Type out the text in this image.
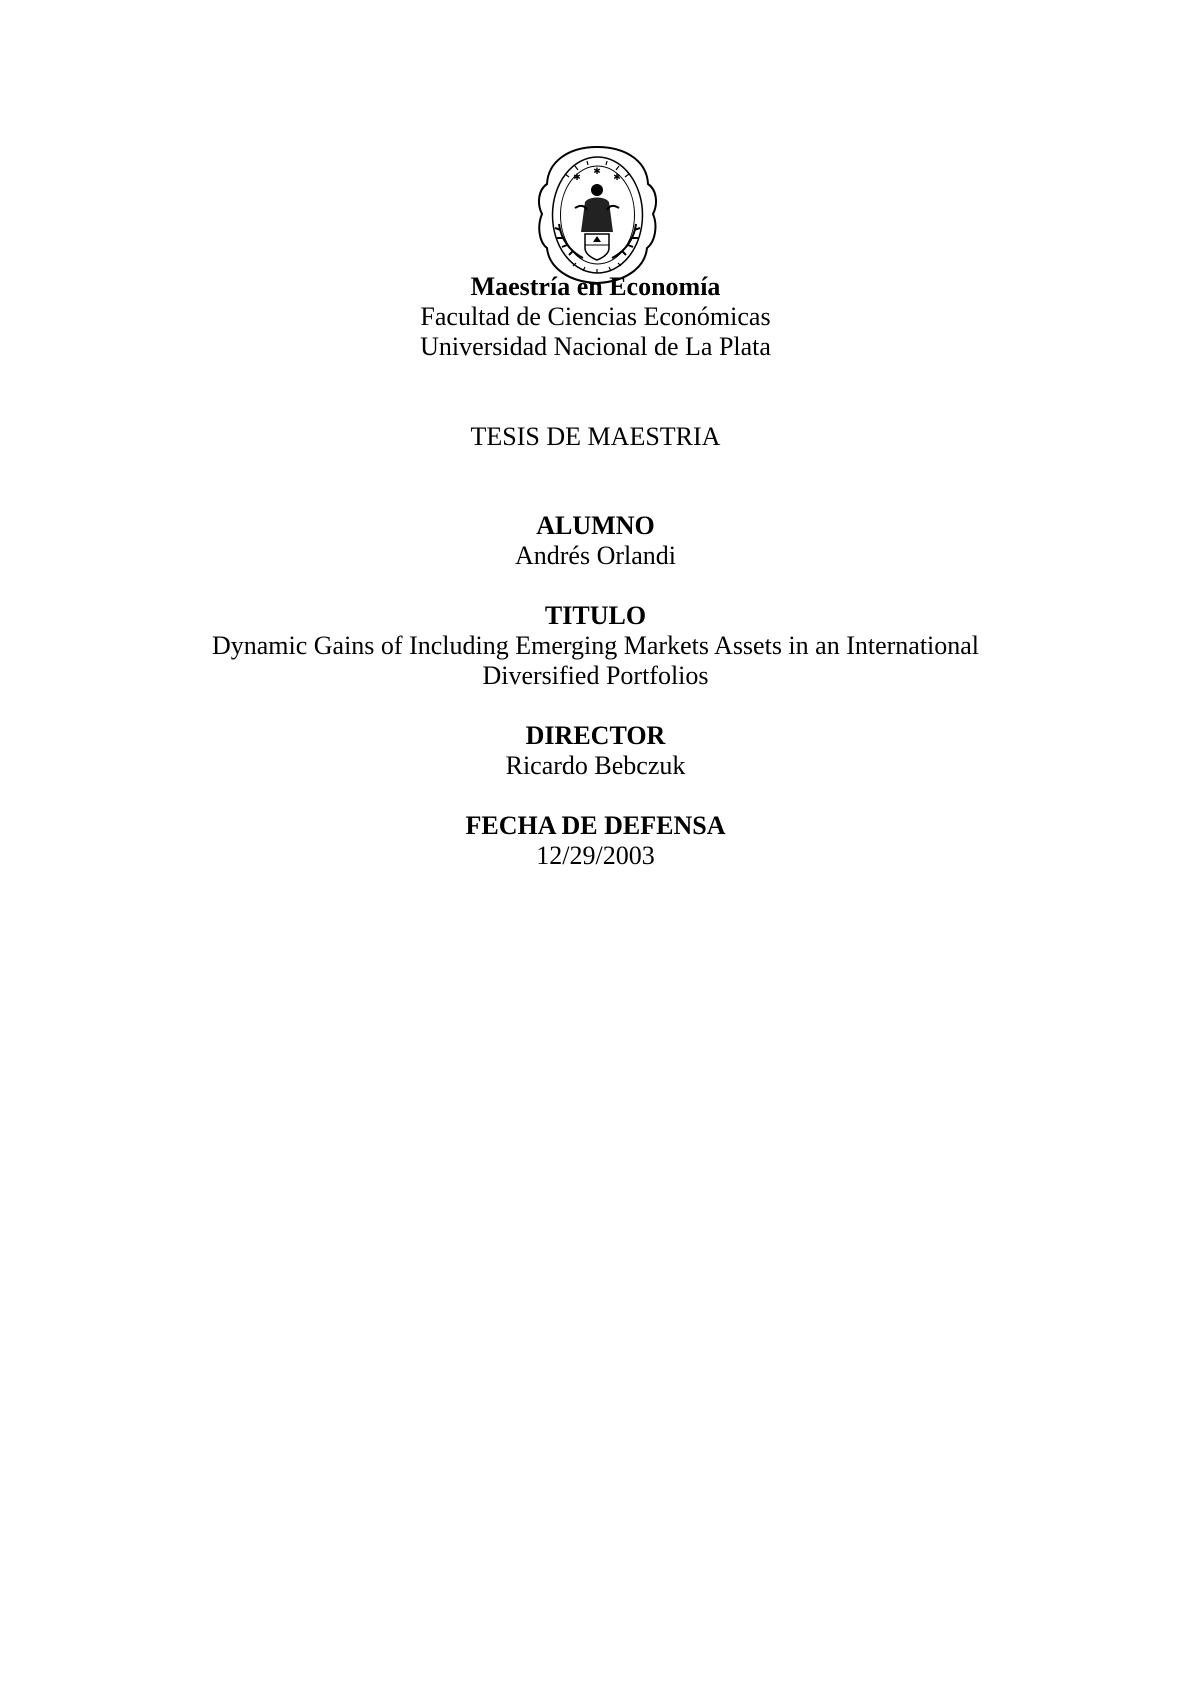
✱
✱
✱
Maestría en Economía
Facultad de Ciencias Económicas
Universidad Nacional de La Plata
TESIS DE MAESTRIA
ALUMNO
Andrés Orlandi
TITULO
Dynamic Gains of Including Emerging Markets Assets in an International
Diversified Portfolios
DIRECTOR
Ricardo Bebczuk
FECHA DE DEFENSA
12/29/2003
